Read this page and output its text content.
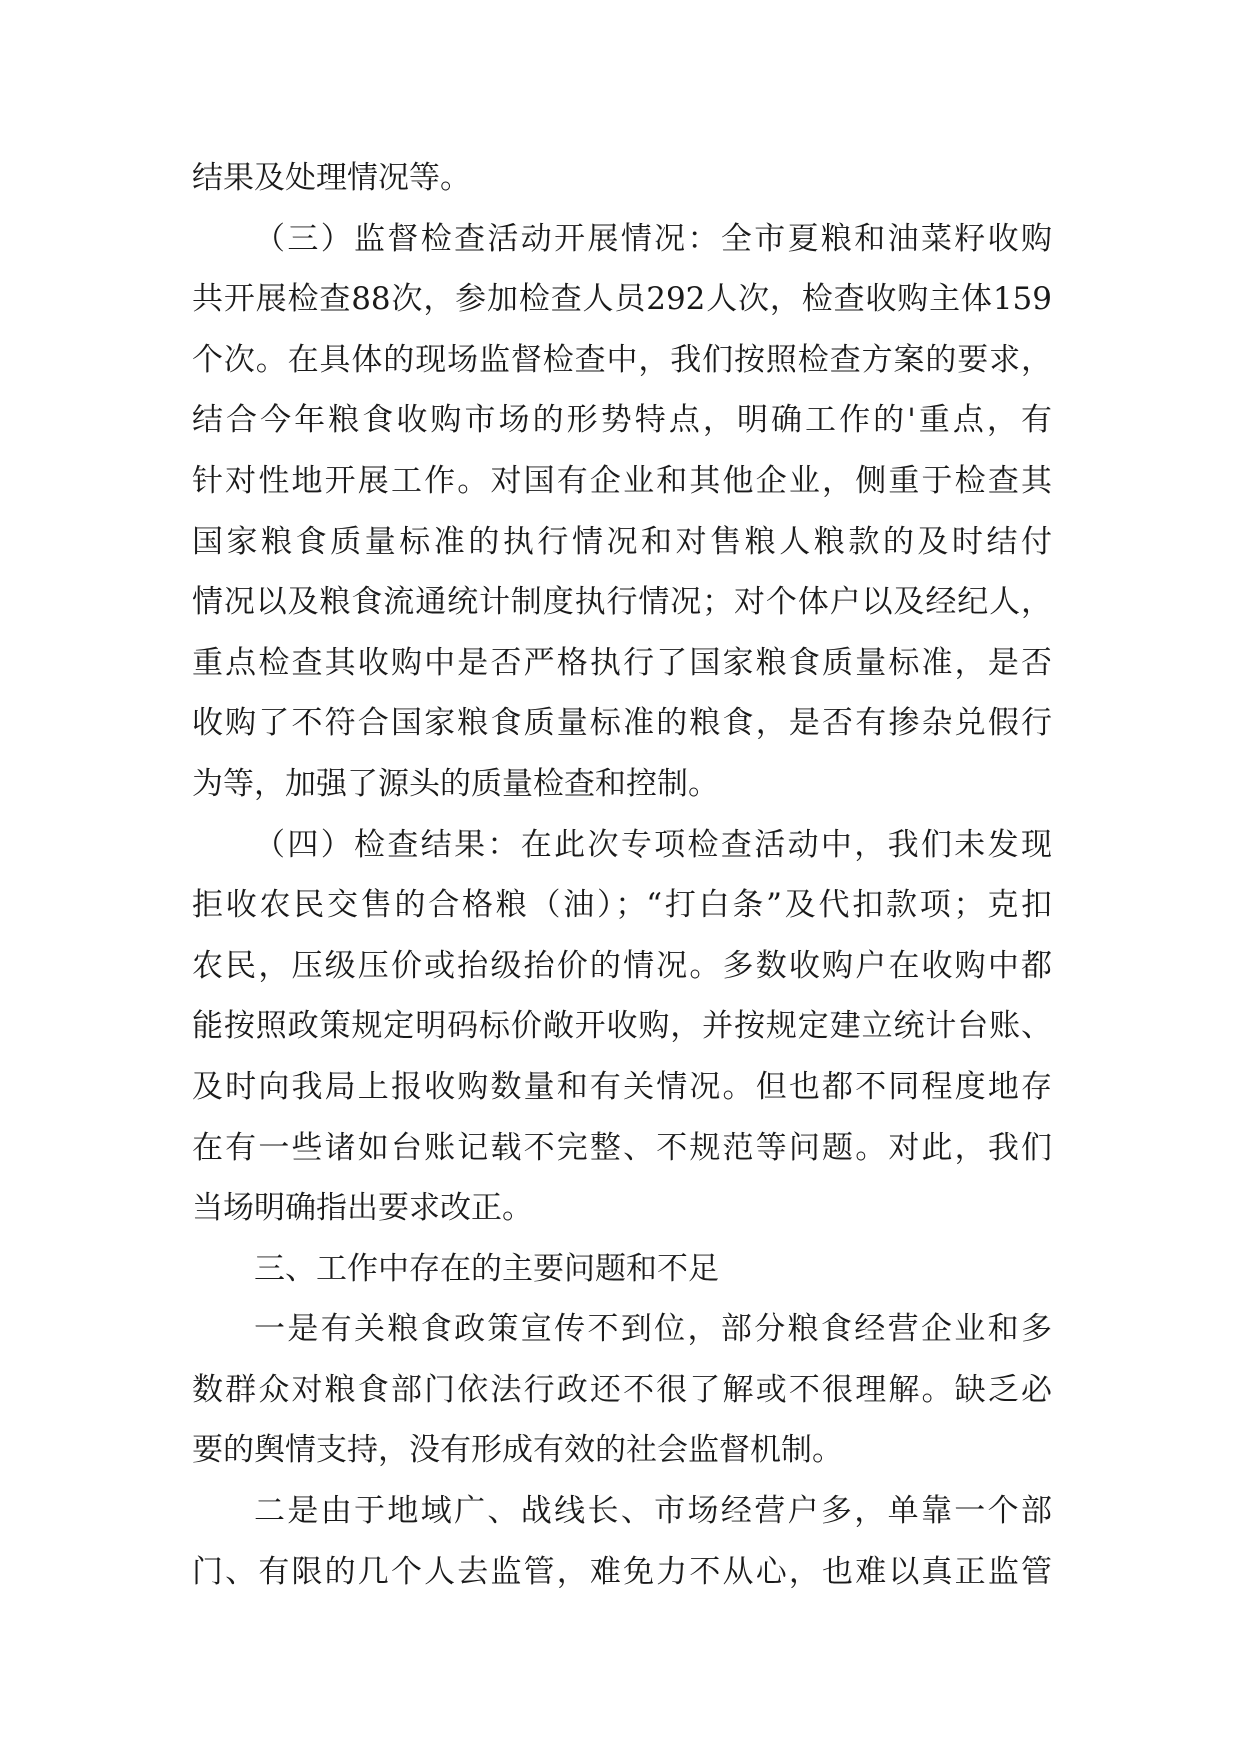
结果及处理情况等。
（三）监督检查活动开展情况：全市夏粮和油菜籽收购
共开展检查88次，参加检查人员292人次，检查收购主体159
个次。在具体的现场监督检查中，我们按照检查方案的要求，
结合今年粮食收购市场的形势特点，明确工作的'重点，有
针对性地开展工作。对国有企业和其他企业，侧重于检查其
国家粮食质量标准的执行情况和对售粮人粮款的及时结付
情况以及粮食流通统计制度执行情况；对个体户以及经纪人，
重点检查其收购中是否严格执行了国家粮食质量标准，是否
收购了不符合国家粮食质量标准的粮食，是否有掺杂兑假行
为等，加强了源头的质量检查和控制。
（四）检查结果：在此次专项检查活动中，我们未发现
拒收农民交售的合格粮（油）；“打白条”及代扣款项；克扣
农民，压级压价或抬级抬价的情况。多数收购户在收购中都
能按照政策规定明码标价敞开收购，并按规定建立统计台账、
及时向我局上报收购数量和有关情况。但也都不同程度地存
在有一些诸如台账记载不完整、不规范等问题。对此，我们
当场明确指出要求改正。
三、工作中存在的主要问题和不足
一是有关粮食政策宣传不到位，部分粮食经营企业和多
数群众对粮食部门依法行政还不很了解或不很理解。缺乏必
要的舆情支持，没有形成有效的社会监督机制。
二是由于地域广、战线长、市场经营户多，单靠一个部
门、有限的几个人去监管，难免力不从心，也难以真正监管
